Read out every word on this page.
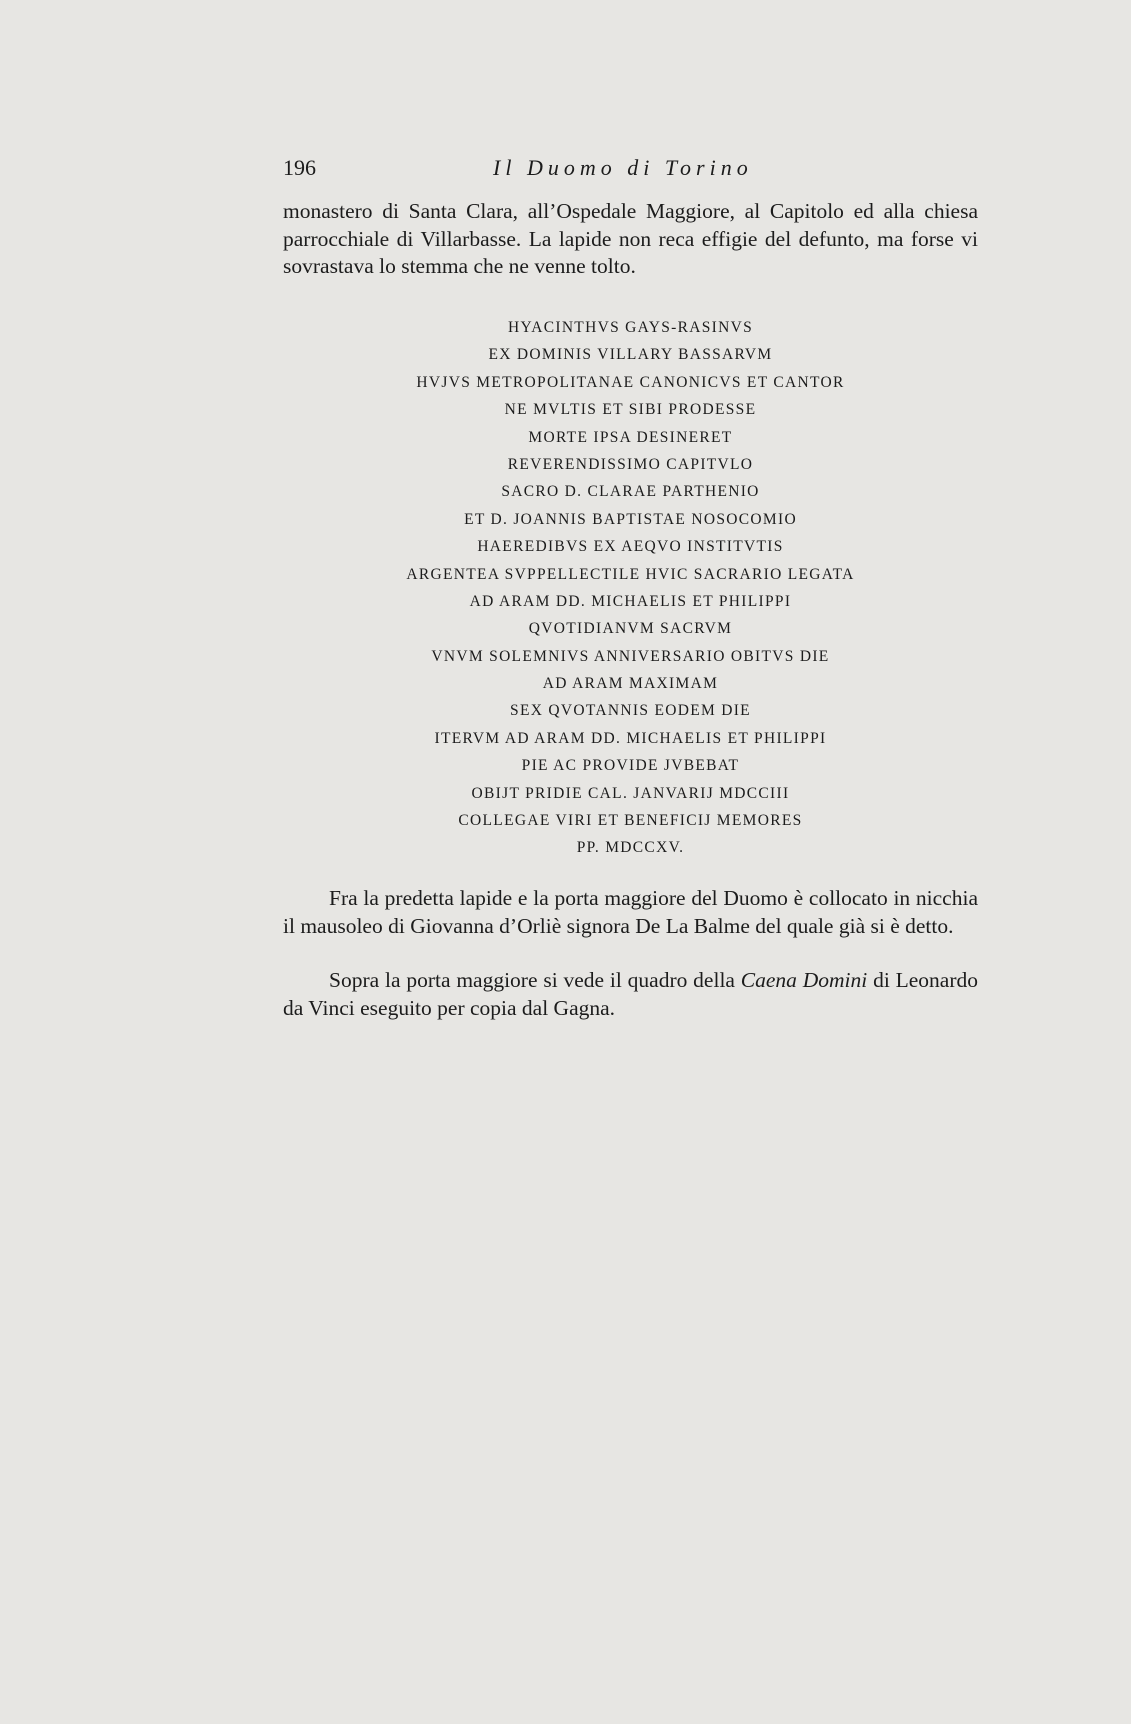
196	Il Duomo di Torino

monastero di Santa Clara, all’Ospedale Maggiore, al Capitolo ed alla chiesa parrocchiale di Villarbasse. La lapide non reca effigie del defunto, ma forse vi sovrastava lo stemma che ne venne tolto.

HYACINTHVS GAYS-RASINVS
EX DOMINIS VILLARY BASSARVM
HVJVS METROPOLITANAE CANONICVS ET CANTOR
NE MVLTIS ET SIBI PRODESSE
MORTE IPSA DESINERET
REVERENDISSIMO CAPITVLO
SACRO D. CLARAE PARTHENIO
ET D. JOANNIS BAPTISTAE NOSOCOMIO
HAEREDIBVS EX AEQVO INSTITVTIS
ARGENTEA SVPPELLECTILE HVIC SACRARIO LEGATA
AD ARAM DD. MICHAELIS ET PHILIPPI
QVOTIDIANVM SACRVM
VNVM SOLEMNIVS ANNIVERSARIO OBITVS DIE
AD ARAM MAXIMAM
SEX QVOTANNIS EODEM DIE
ITERVM AD ARAM DD. MICHAELIS ET PHILIPPI
PIE AC PROVIDE JVBEBAT
OBIJT PRIDIE CAL. JANVARIJ MDCCIII
COLLEGAE VIRI ET BENEFICIJ MEMORES
PP. MDCCXV.

Fra la predetta lapide e la porta maggiore del Duomo è collocato in nicchia il mausoleo di Giovanna d’Orliè signora De La Balme del quale già si è detto.

Sopra la porta maggiore si vede il quadro della Caena Domini di Leonardo da Vinci eseguito per copia dal Gagna.
